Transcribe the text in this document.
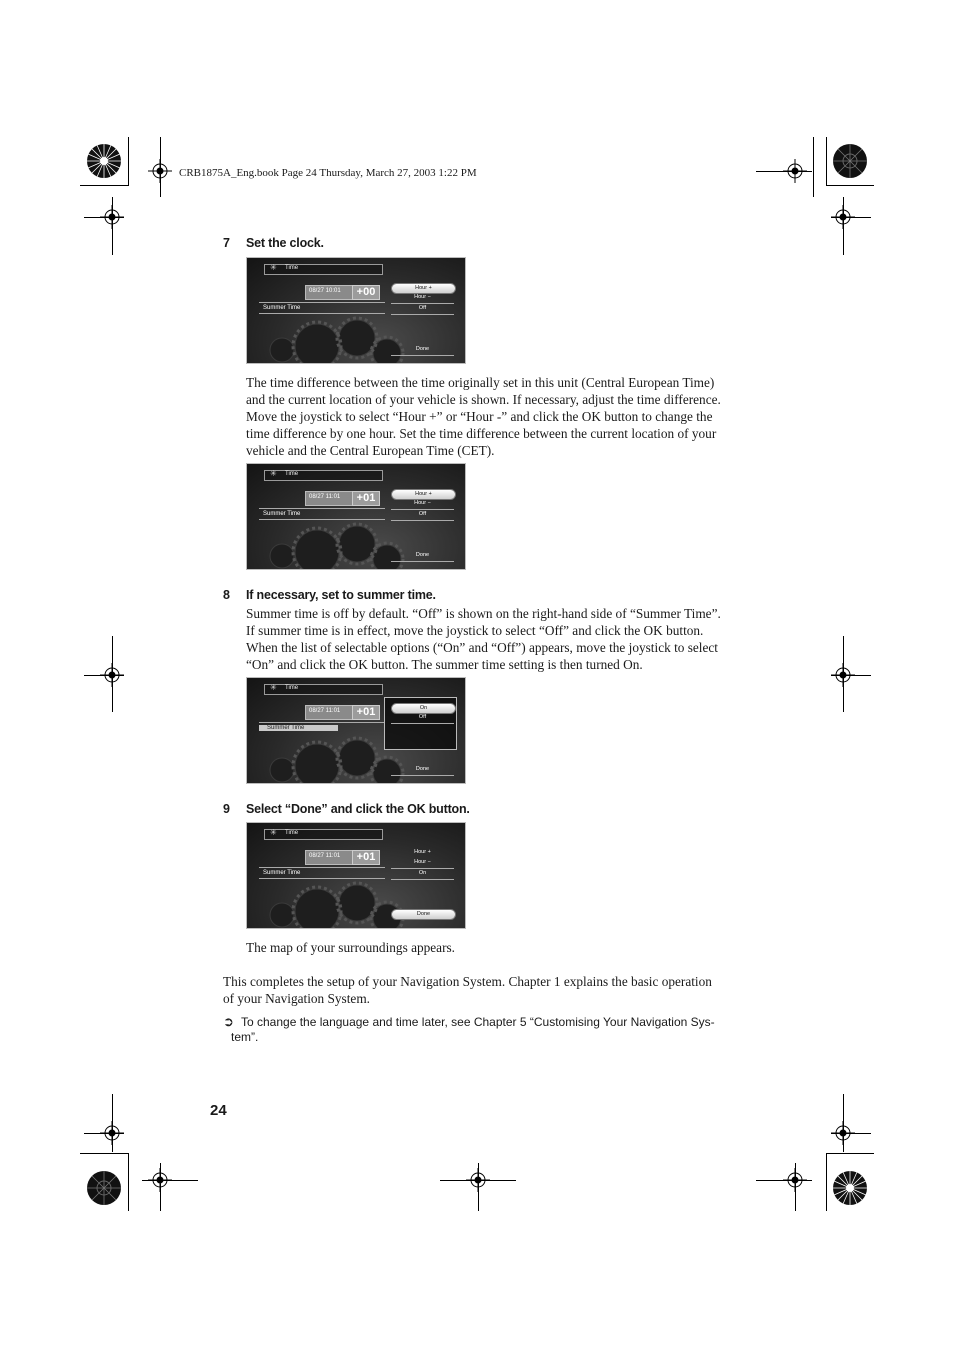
CRB1875A_Eng.book Page 24 Thursday, March 27, 2003 1:22 PM
7 Set the clock.
✳ Time
08/27 10:01	+00
Summer Time
Hour +
Hour −
Off
Done
The time difference between the time originally set in this unit (Central European Time)
and the current location of your vehicle is shown. If necessary, adjust the time difference.
Move the joystick to select “Hour +” or “Hour -” and click the OK button to change the
time difference by one hour. Set the time difference between the current location of your
vehicle and the Central European Time (CET).
✳ Time
08/27 11:01	+01
Summer Time
Hour +
Hour −
Off
Done
8 If necessary, set to summer time.
Summer time is off by default. “Off” is shown on the right-hand side of “Summer Time”.
If summer time is in effect, move the joystick to select “Off” and click the OK button.
When the list of selectable options (“On” and “Off”) appears, move the joystick to select
“On” and click the OK button. The summer time setting is then turned On.
✳ Time
08/27 11:01	+01
Summer Time
On
Off
Done
9 Select “Done” and click the OK button.
✳ Time
08/27 11:01	+01
Summer Time
Hour +
Hour −
On
Done
The map of your surroundings appears.
This completes the setup of your Navigation System. Chapter 1 explains the basic operation
of your Navigation System.
➲ To change the language and time later, see Chapter 5 “Customising Your Navigation Sys-
tem”.
24
